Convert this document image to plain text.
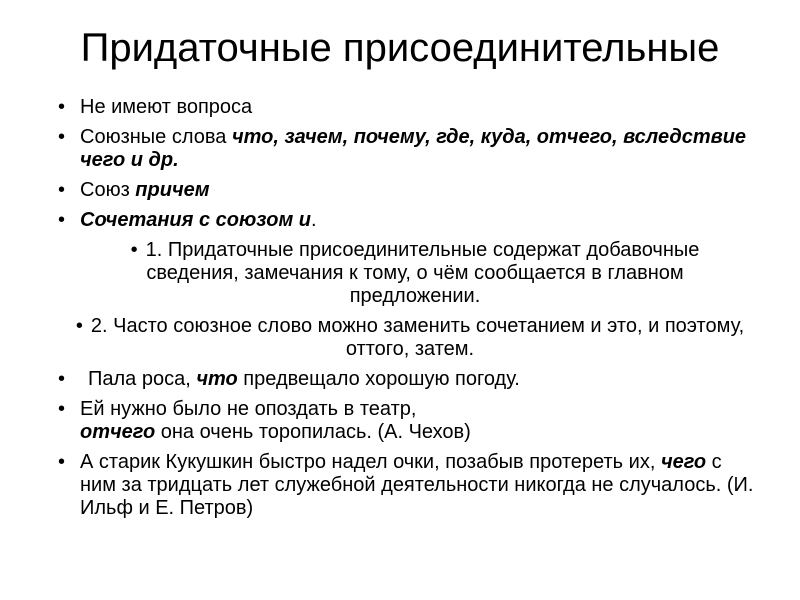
Придаточные присоединительные
• Не имеют вопроса
• Союзные слова что, зачем, почему, где, куда, отчего, вследствие чего и др.
• Союз причем
• Сочетания с союзом и.
• 1. Придаточные присоединительные содержат добавочные сведения, замечания к тому, о чём сообщается в главном предложении.
• 2. Часто союзное слово можно заменить сочетанием и это, и поэтому, оттого, затем.
• Пала роса, что предвещало хорошую погоду.
• Ей нужно было не опоздать в театр,
отчего она очень торопилась. (А. Чехов)
• А старик Кукушкин быстро надел очки, позабыв протереть их, чего с ним за тридцать лет служебной деятельности никогда не случалось. (И. Ильф и Е. Петров)
